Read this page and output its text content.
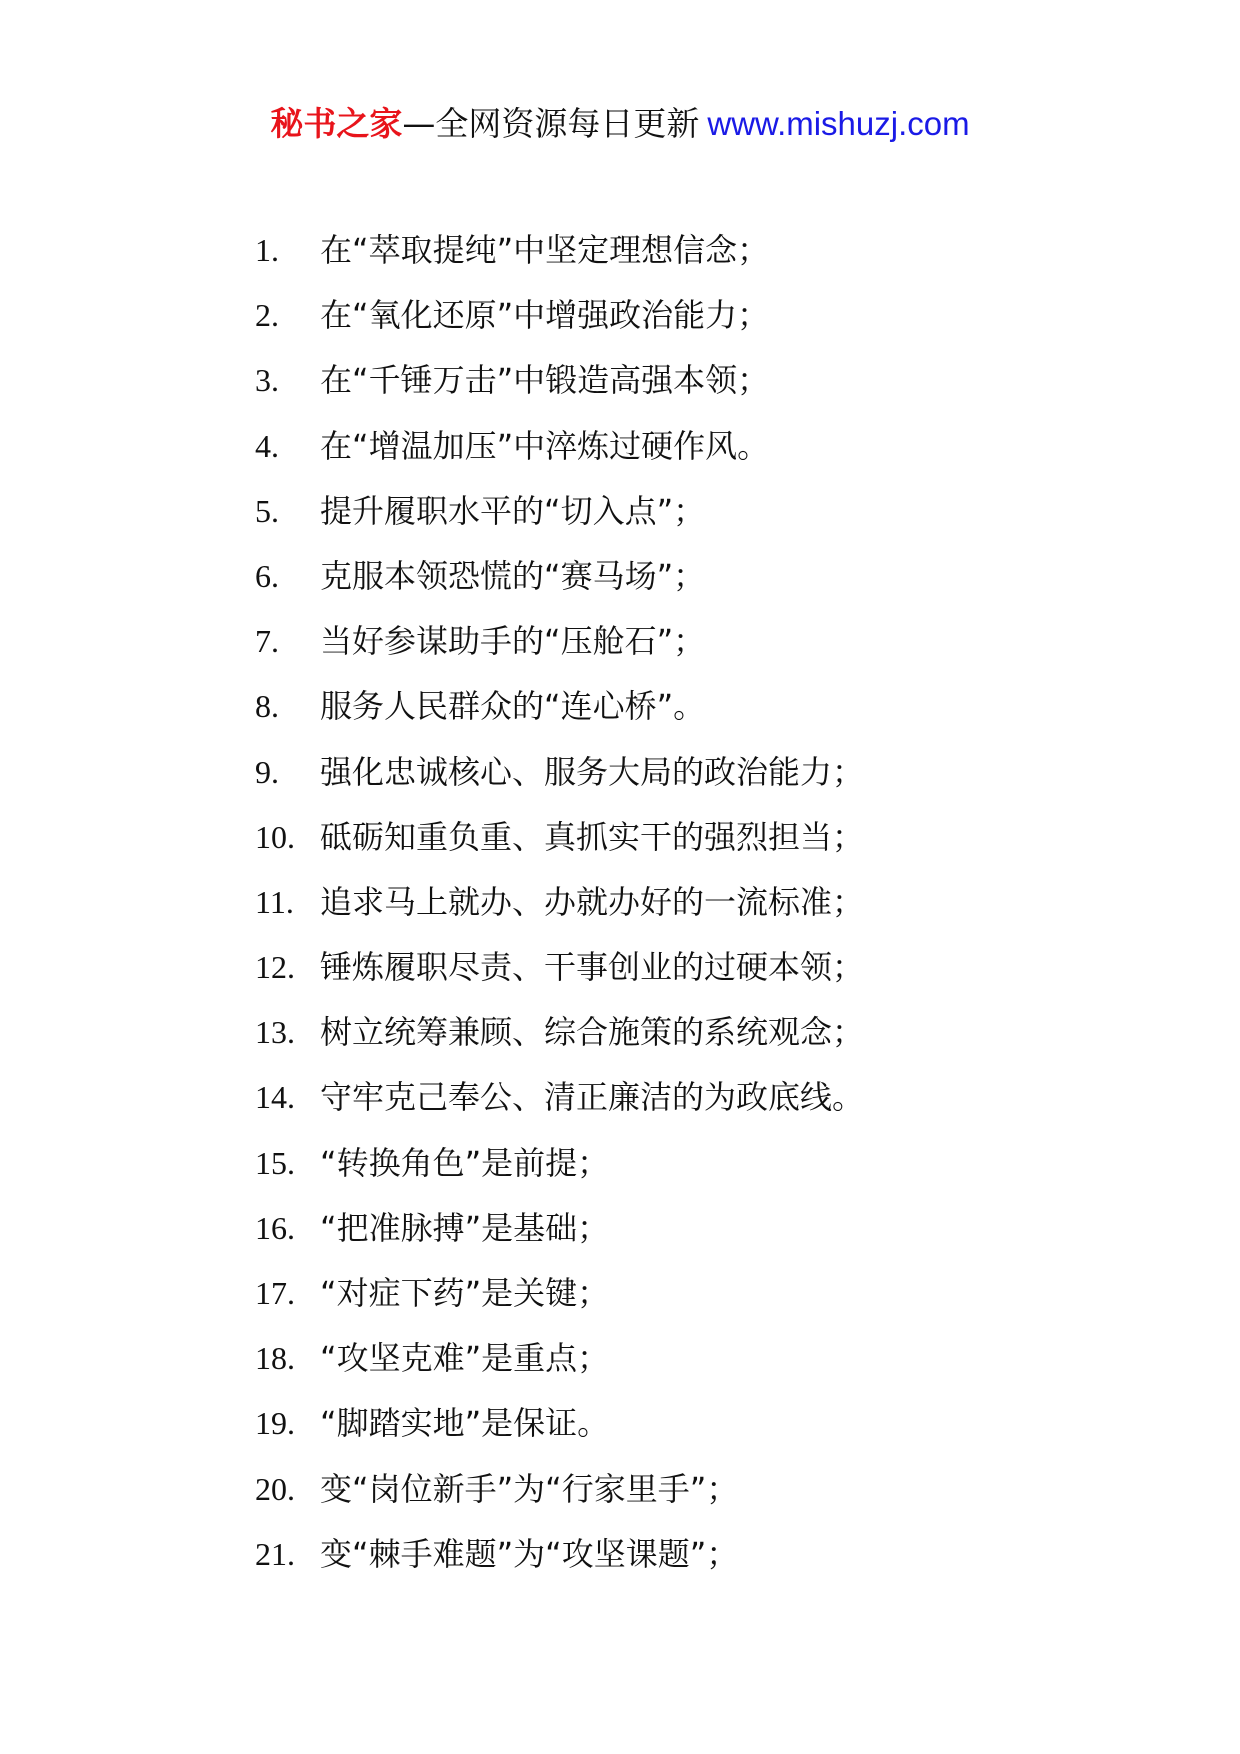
秘书之家—全网资源每日更新 www.mishuzj.com
1.	在“萃取提纯”中坚定理想信念；
2.	在“氧化还原”中增强政治能力；
3.	在“千锤万击”中锻造高强本领；
4.	在“增温加压”中淬炼过硬作风。
5.	提升履职水平的“切入点”；
6.	克服本领恐慌的“赛马场”；
7.	当好参谋助手的“压舱石”；
8.	服务人民群众的“连心桥”。
9.	强化忠诚核心、服务大局的政治能力；
10. 砥砺知重负重、真抓实干的强烈担当；
11. 追求马上就办、办就办好的一流标准；
12. 锤炼履职尽责、干事创业的过硬本领；
13. 树立统筹兼顾、综合施策的系统观念；
14. 守牢克己奉公、清正廉洁的为政底线。
15. “转换角色”是前提；
16. “把准脉搏”是基础；
17. “对症下药”是关键；
18. “攻坚克难”是重点；
19. “脚踏实地”是保证。
20. 变“岗位新手”为“行家里手”；
21. 变“棘手难题”为“攻坚课题”；
